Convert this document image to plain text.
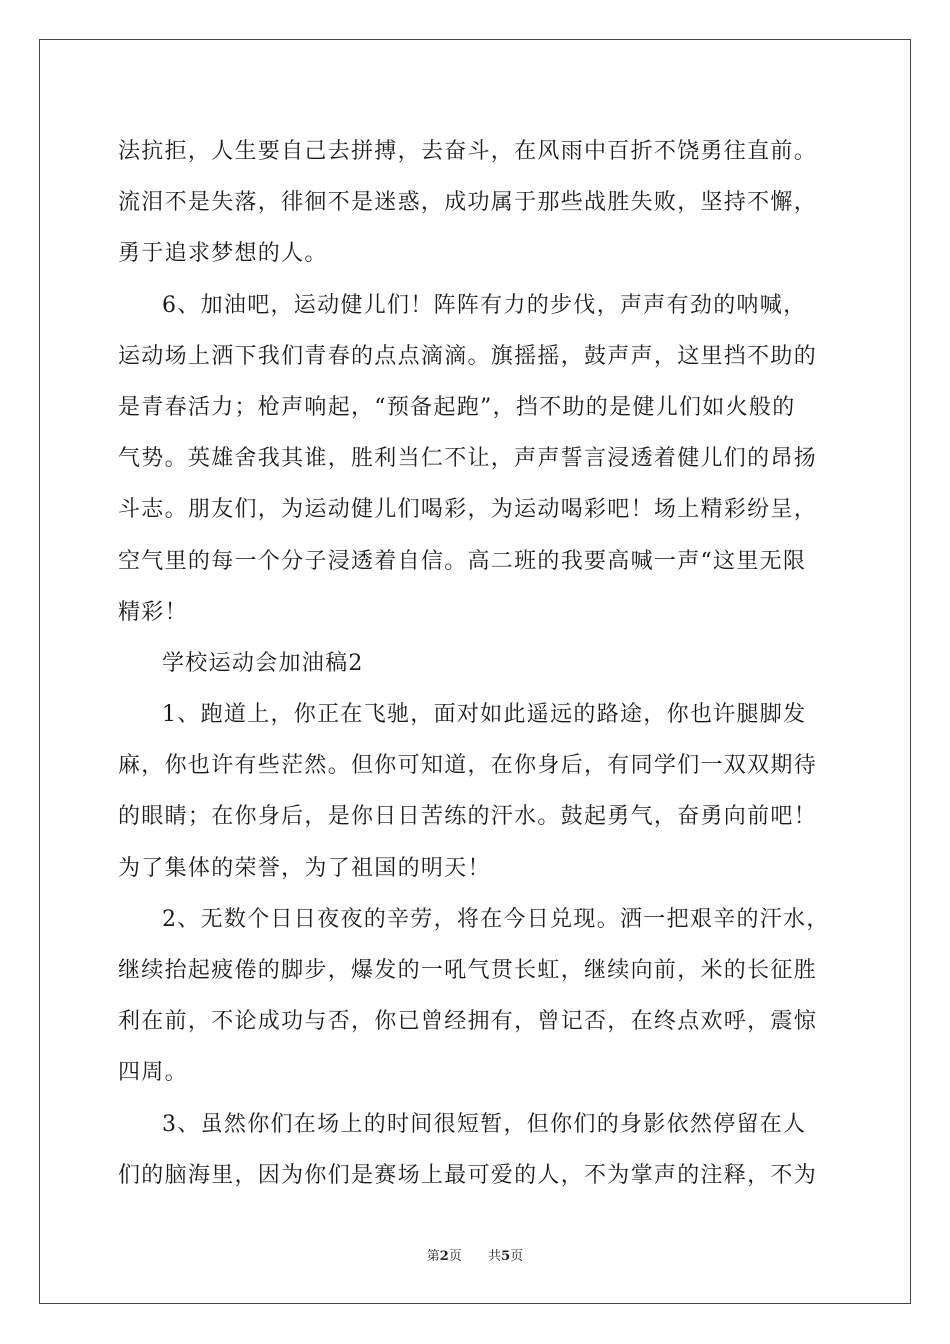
法抗拒，人生要自己去拼搏，去奋斗，在风雨中百折不饶勇往直前。
流泪不是失落，徘徊不是迷惑，成功属于那些战胜失败，坚持不懈，
勇于追求梦想的人。
6、加油吧，运动健儿们！阵阵有力的步伐，声声有劲的呐喊，
运动场上洒下我们青春的点点滴滴。旗摇摇，鼓声声，这里挡不助的
是青春活力；枪声响起，“预备起跑”，挡不助的是健儿们如火般的
气势。英雄舍我其谁，胜利当仁不让，声声誓言浸透着健儿们的昂扬
斗志。朋友们，为运动健儿们喝彩，为运动喝彩吧！场上精彩纷呈，
空气里的每一个分子浸透着自信。高二班的我要高喊一声“这里无限
精彩！
学校运动会加油稿2
1、跑道上，你正在飞驰，面对如此遥远的路途，你也许腿脚发
麻，你也许有些茫然。但你可知道，在你身后，有同学们一双双期待
的眼睛；在你身后，是你日日苦练的汗水。鼓起勇气，奋勇向前吧！
为了集体的荣誉，为了祖国的明天！
2、无数个日日夜夜的辛劳，将在今日兑现。洒一把艰辛的汗水，
继续抬起疲倦的脚步，爆发的一吼气贯长虹，继续向前，米的长征胜
利在前，不论成功与否，你已曾经拥有，曾记否，在终点欢呼，震惊
四周。
3、虽然你们在场上的时间很短暂，但你们的身影依然停留在人
们的脑海里，因为你们是赛场上最可爱的人，不为掌声的注释，不为
第2页 共5页
